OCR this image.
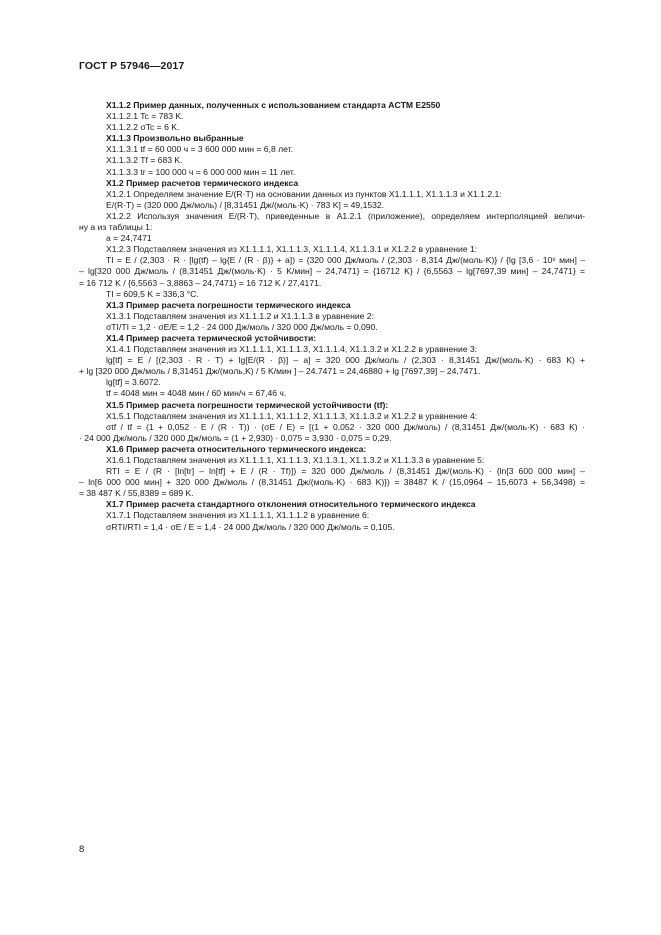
ГОСТ Р 57946—2017
X1.1.2 Пример данных, полученных с использованием стандарта ACTM E2550
X1.1.2.1 Tc = 783 K.
X1.1.2.2 σTc = 6 K.
X1.1.3 Произвольно выбранные
X1.1.3.1 tf = 60 000 ч = 3 600 000 мин = 6,8 лет.
X1.1.3.2 Tf = 683 K.
X1.1.3.3 tr = 100 000 ч = 6 000 000 мин = 11 лет.
X1.2 Пример расчетов термического индекса
X1.2.1 Определяем значение E/(R·T) на основании данных из пунктов X1.1.1.1, X1.1.1.3 и X1.1.2.1:
E/(R·T) = (320 000 Дж/моль) / [8,31451 Дж/(моль·K) · 783 K] = 49,1532.
X1.2.2 Используя значения E/(R·T), приведенные в A1.2.1 (приложение), определяем интерполяцией величи-
ну a из таблицы 1:
a = 24,7471
X1.2.3 Подставляем значения из X1.1.1.1, X1.1.1.3, X1.1.1.4, X1.1.3.1 и X1.2.2 в уравнение 1:
TI = E / (2,303 · R · [lg(tf) – lg{E / (R · β)} + a]) = {320 000 Дж/моль / (2,303 · 8,314 Дж/(моль·K)} / {lg [3,6 · 10⁶ мин] –
– lg[320 000 Дж/моль / (8,31451 Дж/(моль·K) · 5 K/мин] – 24,7471} = {16712 K} / {6,5563 – lg[7697,39 мин] – 24,7471} =
= 16 712 K / {6,5563 – 3,8863 – 24,7471} = 16 712 K / 27,4171.
TI = 609,5 K = 336,3 °C.
X1.3 Пример расчета погрешности термического индекса
X1.3.1 Подставляем значения из X1.1.1.2 и X1.1.1.3 в уравнение 2:
σTI/TI = 1,2 · σE/E = 1,2 · 24 000 Дж/моль / 320 000 Дж/моль = 0,090.
X1.4 Пример расчета термической устойчивости:
X1.4.1 Подставляем значения из X1.1.1.1, X1.1.1.3, X1.1.1.4, X1.1.3.2 и X1.2.2 в уравнение 3:
lg[tf] = E / [(2,303 · R · T) + lg[E/(R · β)] – a] = 320 000 Дж/моль / (2,303 · 8,31451 Дж/(моль·K) · 683 K) +
+ lg [320 000 Дж/моль / 8,31451 Дж/(моль,K) / 5 K/мин ] – 24.7471 = 24,46880 + lg [7697,39] – 24,7471.
lg[tf] = 3.6072.
tf = 4048 мин = 4048 мин / 60 мин/ч = 67,46 ч.
X1.5 Пример расчета погрешности термической устойчивости (tf):
X1.5.1 Подставляем значения из X1.1.1.1, X1.1.1.2, X1.1.1.3, X1.1.3.2 и X1.2.2 в уравнение 4:
σtf / tf = (1 + 0,052 · E / (R · T)) · (σE / E) = [(1 + 0,052 · 320 000 Дж/моль) / (8,31451 Дж/(моль·K) · 683 K) ·
· 24 000 Дж/моль / 320 000 Дж/моль = (1 + 2,930) · 0,075 = 3,930 · 0,075 = 0,29.
X1.6 Пример расчета относительного термического индекса:
X1.6.1 Подставляем значения из X1.1.1.1, X1.1.1.3, X1.1.3.1, X1.1.3.2 и X1.1.3.3 в уравнение 5:
RTI = E / (R · [ln[tr] – ln[tf] + E / (R · Tf)]) = 320 000 Дж/моль / (8,31451 Дж/(моль·K) · {ln[3 600 000 мин] –
– ln[6 000 000 мин] + 320 000 Дж/моль / (8,31451 Дж/(моль·K) · 683 K)}) = 38487 K / (15,0964 – 15,6073 + 56,3498) =
= 38 487 K / 55,8389 = 689 K.
X1.7 Пример расчета стандартного отклонения относительного термического индекса
X1.7.1 Подставляем значения из X1.1.1.1, X1.1.1.2 в уравнение 6:
σRTI/RTI = 1,4 · σE / E = 1,4 · 24 000 Дж/моль / 320 000 Дж/моль = 0,105.
8
